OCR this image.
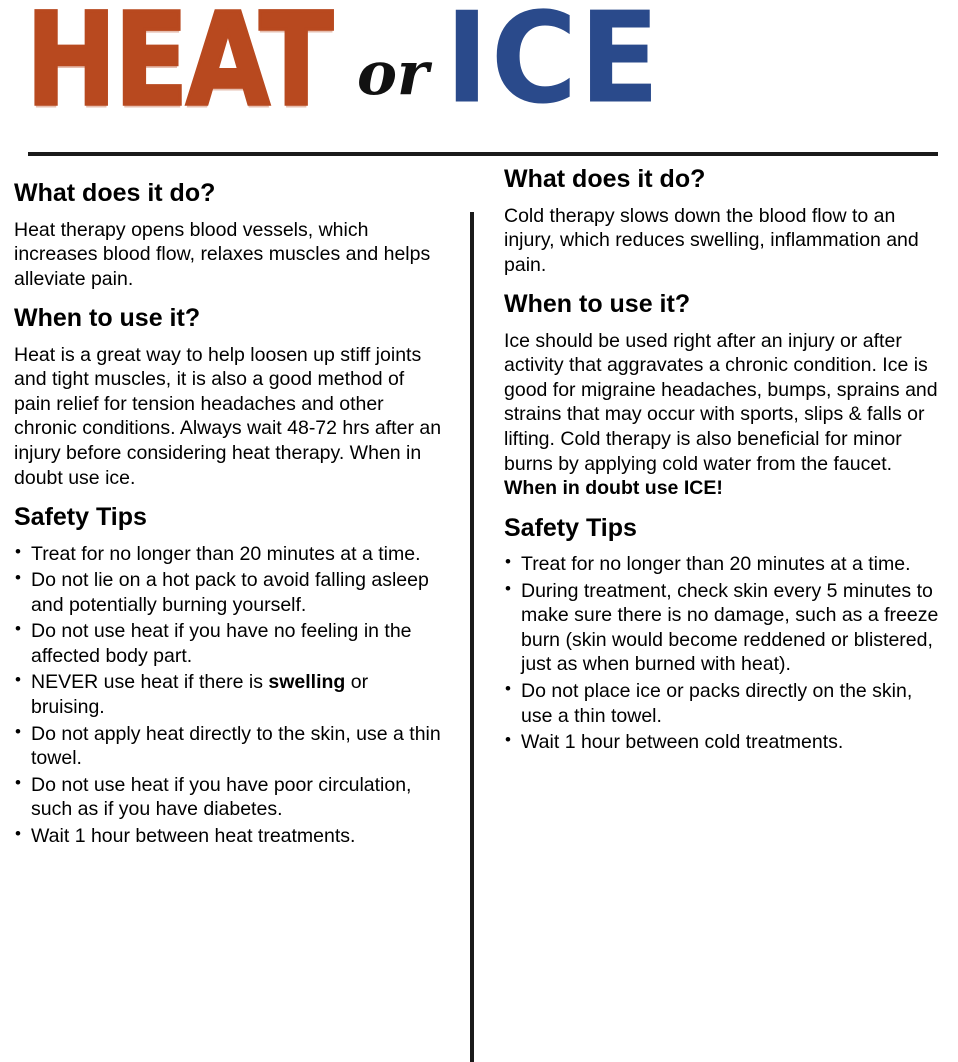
HEAT or ICE
What does it do?

Heat therapy opens blood vessels, which increases blood flow, relaxes muscles and helps alleviate pain.

When to use it?

Heat is a great way to help loosen up stiff joints and tight muscles, it is also a good method of pain relief for tension headaches and other chronic conditions. Always wait 48-72 hrs after an injury before considering heat therapy. When in doubt use ice.

Safety Tips
• Treat for no longer than 20 minutes at a time.
• Do not lie on a hot pack to avoid falling asleep and potentially burning yourself.
• Do not use heat if you have no feeling in the affected body part.
• NEVER use heat if there is swelling or bruising.
• Do not apply heat directly to the skin, use a thin towel.
• Do not use heat if you have poor circulation, such as if you have diabetes.
• Wait 1 hour between heat treatments.
What does it do?

Cold therapy slows down the blood flow to an injury, which reduces swelling, inflammation and pain.

When to use it?

Ice should be used right after an injury or after activity that aggravates a chronic condition. Ice is good for migraine headaches, bumps, sprains and strains that may occur with sports, slips & falls or lifting. Cold therapy is also beneficial for minor burns by applying cold water from the faucet. When in doubt use ICE!

Safety Tips
• Treat for no longer than 20 minutes at a time.
• During treatment, check skin every 5 minutes to make sure there is no damage, such as a freeze burn (skin would become reddened or blistered, just as when burned with heat).
• Do not place ice or packs directly on the skin, use a thin towel.
• Wait 1 hour between cold treatments.
